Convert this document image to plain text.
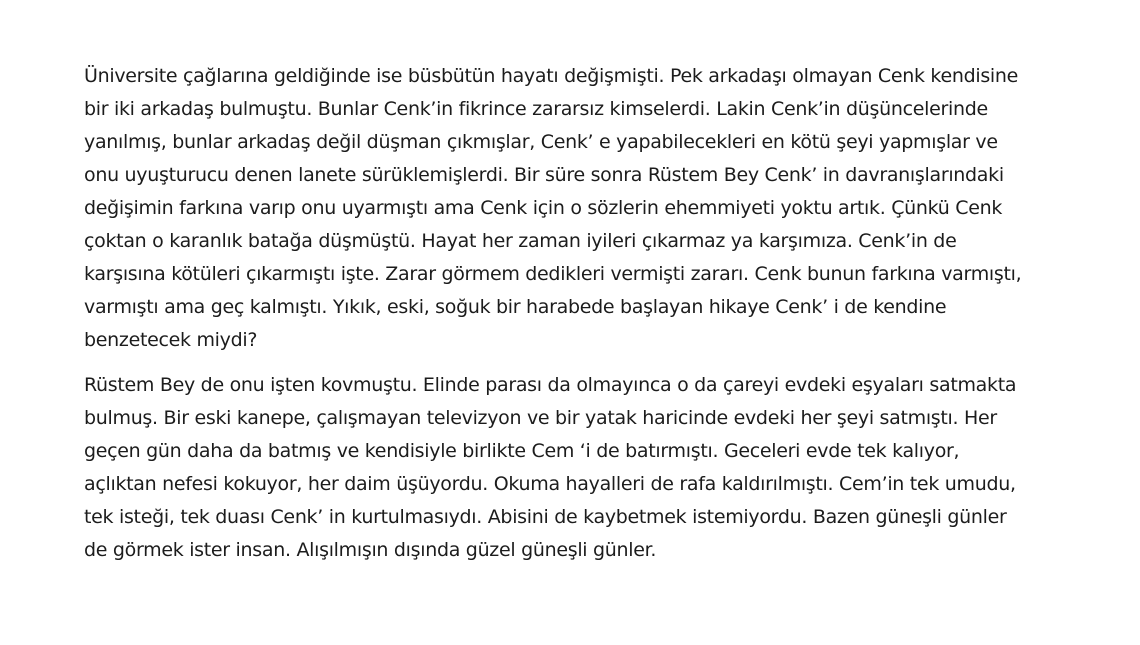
Üniversite çağlarına geldiğinde ise büsbütün hayatı değişmişti. Pek arkadaşı olmayan Cenk kendisine
bir iki arkadaş bulmuştu. Bunlar Cenk’in fikrince zararsız kimselerdi. Lakin Cenk’in düşüncelerinde
yanılmış, bunlar arkadaş değil düşman çıkmışlar, Cenk’ e yapabilecekleri en kötü şeyi yapmışlar ve
onu uyuşturucu denen lanete sürüklemişlerdi. Bir süre sonra Rüstem Bey Cenk’ in davranışlarındaki
değişimin farkına varıp onu uyarmıştı ama Cenk için o sözlerin ehemmiyeti yoktu artık. Çünkü Cenk
çoktan o karanlık batağa düşmüştü. Hayat her zaman iyileri çıkarmaz ya karşımıza. Cenk’in de
karşısına kötüleri çıkarmıştı işte. Zarar görmem dedikleri vermişti zararı. Cenk bunun farkına varmıştı,
varmıştı ama geç kalmıştı. Yıkık, eski, soğuk bir harabede başlayan hikaye Cenk’ i de kendine
benzetecek miydi?
Rüstem Bey de onu işten kovmuştu. Elinde parası da olmayınca o da çareyi evdeki eşyaları satmakta
bulmuş. Bir eski kanepe, çalışmayan televizyon ve bir yatak haricinde evdeki her şeyi satmıştı. Her
geçen gün daha da batmış ve kendisiyle birlikte Cem ‘i de batırmıştı. Geceleri evde tek kalıyor,
açlıktan nefesi kokuyor, her daim üşüyordu. Okuma hayalleri de rafa kaldırılmıştı. Cem’in tek umudu,
tek isteği, tek duası Cenk’ in kurtulmasıydı. Abisini de kaybetmek istemiyordu. Bazen güneşli günler
de görmek ister insan. Alışılmışın dışında güzel güneşli günler.
